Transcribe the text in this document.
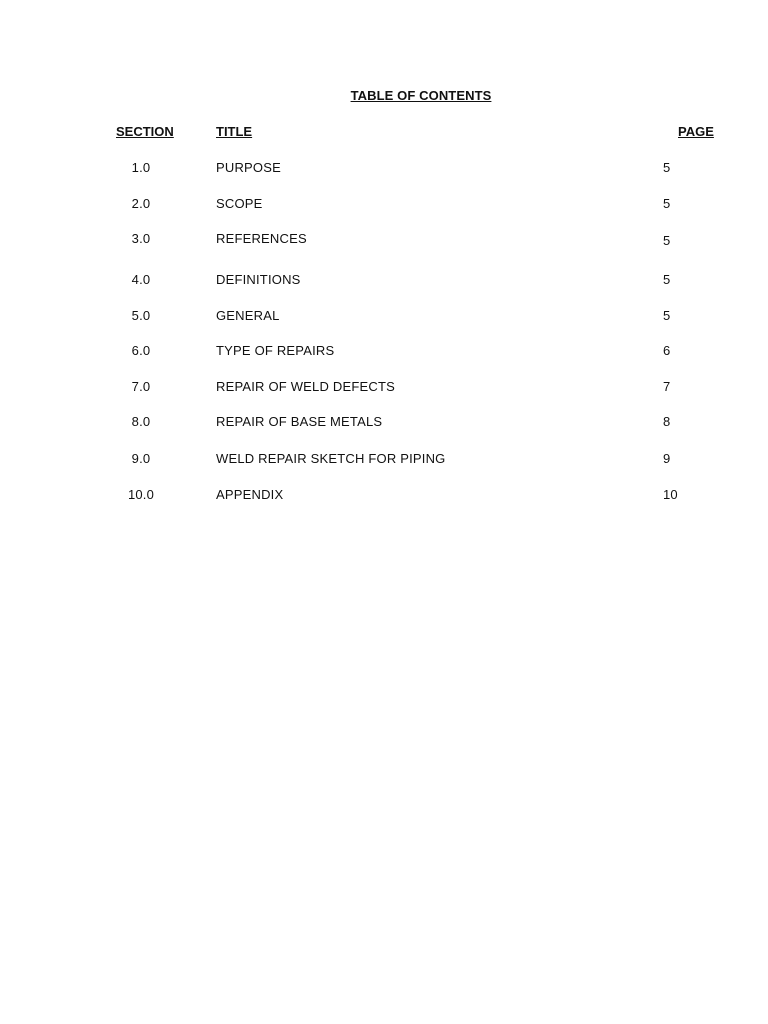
TABLE OF CONTENTS
SECTION	TITLE	PAGE
1.0	PURPOSE	5
2.0	SCOPE	5
3.0	REFERENCES	5
4.0	DEFINITIONS	5
5.0	GENERAL	5
6.0	TYPE OF REPAIRS	6
7.0	REPAIR OF WELD DEFECTS	7
8.0	REPAIR OF BASE METALS	8
9.0	WELD REPAIR SKETCH FOR PIPING	9
10.0	APPENDIX	10
